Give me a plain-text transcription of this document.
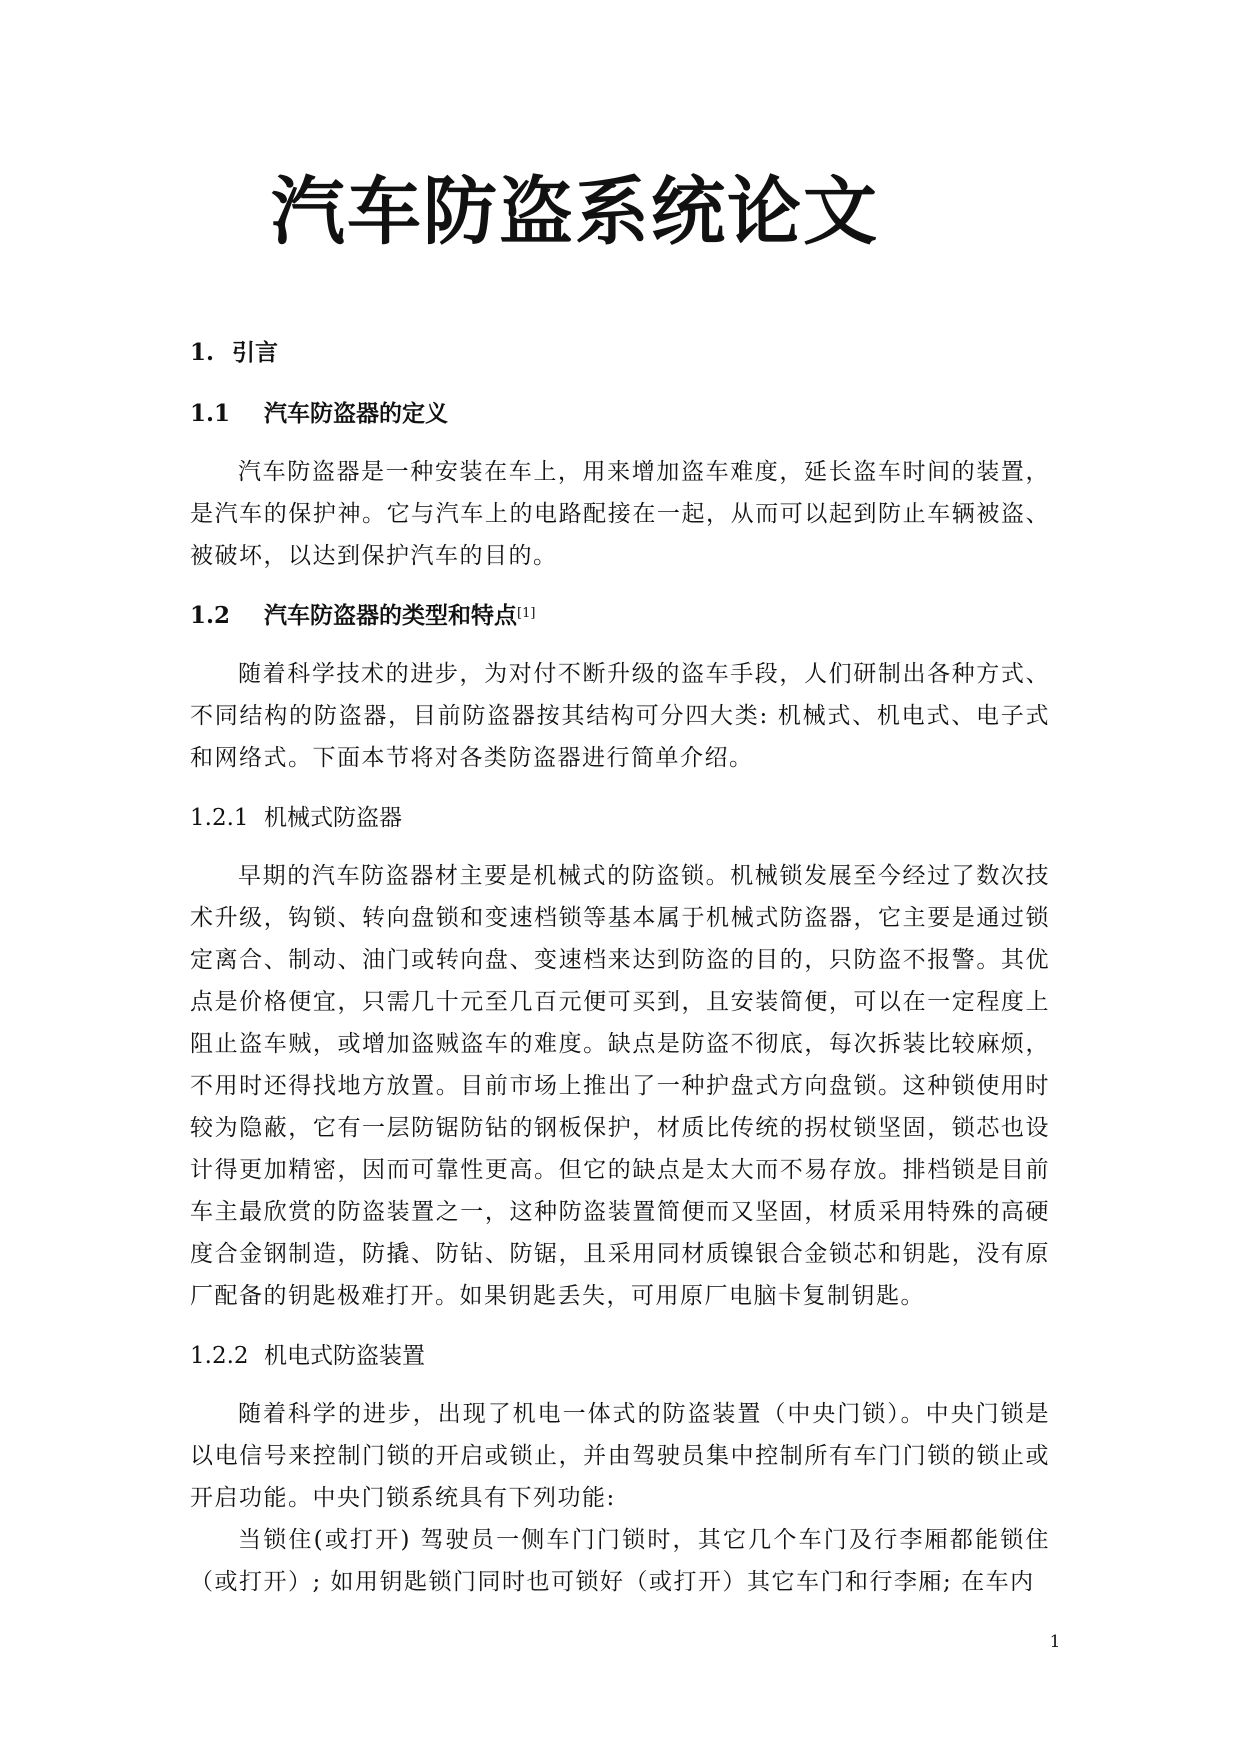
汽车防盗系统论文
1. 引言
1.1 汽车防盗器的定义

汽车防盗器是一种安装在车上，用来增加盗车难度，延长盗车时间的装置，是汽车的保护神。它与汽车上的电路配接在一起，从而可以起到防止车辆被盗、被破坏，以达到保护汽车的目的。

1.2 汽车防盗器的类型和特点[1]

随着科学技术的进步，为对付不断升级的盗车手段，人们研制出各种方式、不同结构的防盗器，目前防盗器按其结构可分四大类: 机械式、机电式、电子式和网络式。下面本节将对各类防盗器进行简单介绍。

1.2.1 机械式防盗器

早期的汽车防盗器材主要是机械式的防盗锁。机械锁发展至今经过了数次技术升级，钩锁、转向盘锁和变速档锁等基本属于机械式防盗器，它主要是通过锁定离合、制动、油门或转向盘、变速档来达到防盗的目的，只防盗不报警。其优点是价格便宜，只需几十元至几百元便可买到，且安装简便，可以在一定程度上阻止盗车贼，或增加盗贼盗车的难度。缺点是防盗不彻底，每次拆装比较麻烦，不用时还得找地方放置。目前市场上推出了一种护盘式方向盘锁。这种锁使用时较为隐蔽，它有一层防锯防钻的钢板保护，材质比传统的拐杖锁坚固，锁芯也设计得更加精密，因而可靠性更高。但它的缺点是太大而不易存放。排档锁是目前车主最欣赏的防盗装置之一，这种防盗装置简便而又坚固，材质采用特殊的高硬度合金钢制造，防撬、防钻、防锯，且采用同材质镍银合金锁芯和钥匙，没有原厂配备的钥匙极难打开。如果钥匙丢失，可用原厂电脑卡复制钥匙。

1.2.2 机电式防盗装置

随着科学的进步，出现了机电一体式的防盗装置（中央门锁）。中央门锁是以电信号来控制门锁的开启或锁止，并由驾驶员集中控制所有车门门锁的锁止或开启功能。中央门锁系统具有下列功能:

当锁住(或打开) 驾驶员一侧车门门锁时，其它几个车门及行李厢都能锁住（或打开）; 如用钥匙锁门同时也可锁好（或打开）其它车门和行李厢; 在车内

1
